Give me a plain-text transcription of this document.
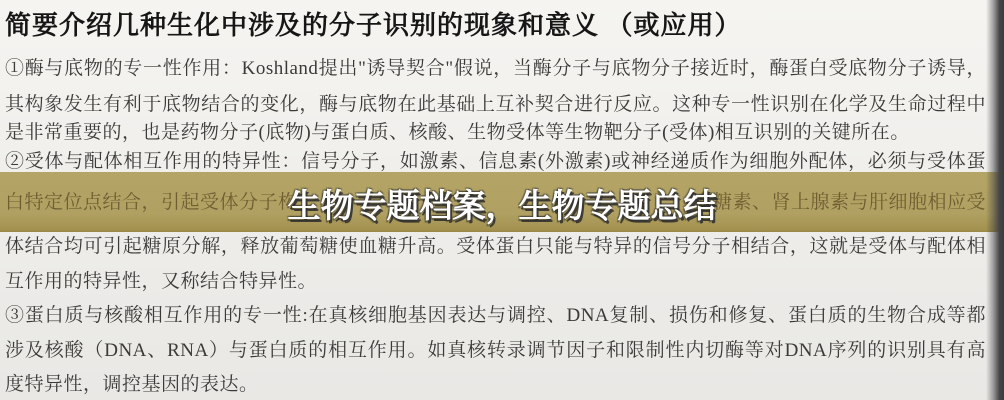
简要介绍几种生化中涉及的分子识别的现象和意义 （或应用）
①酶与底物的专一性作用：Koshland提出"诱导契合"假说，当酶分子与底物分子接近时，酶蛋白受底物分子诱导，
其构象发生有利于底物结合的变化，酶与底物在此基础上互补契合进行反应。这种专一性识别在化学及生命过程中
是非常重要的，也是药物分子(底物)与蛋白质、核酸、生物受体等生物靶分子(受体)相互识别的关键所在。
②受体与配体相互作用的特异性：信号分子，如激素、信息素(外激素)或神经递质作为细胞外配体，必须与受体蛋
白特定位点结合，引起受体分子构	血糖素、肾上腺素与肝细胞相应受
生物专题档案，生物专题总结
体结合均可引起糖原分解，释放葡萄糖使血糖升高。受体蛋白只能与特异的信号分子相结合，这就是受体与配体相
互作用的特异性，又称结合特异性。
③蛋白质与核酸相互作用的专一性:在真核细胞基因表达与调控、DNA复制、损伤和修复、蛋白质的生物合成等都
涉及核酸（DNA、RNA）与蛋白质的相互作用。如真核转录调节因子和限制性内切酶等对DNA序列的识别具有高
度特异性，调控基因的表达。
